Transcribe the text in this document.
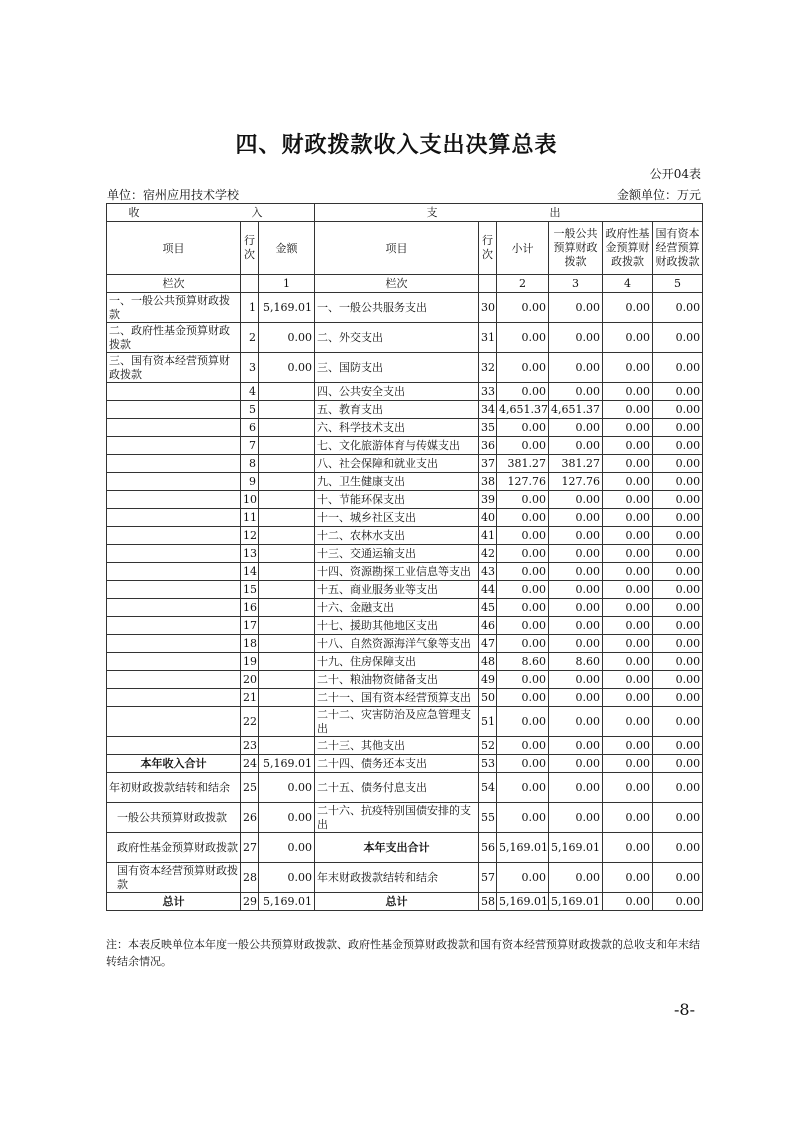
四、财政拨款收入支出决算总表
公开04表
单位：宿州应用技术学校	金额单位：万元
收　　入			支　　出					
项目	行次	金额	项目	行次	小计	一般公共预算财政拨款	政府性基金预算财政拨款	国有资本经营预算财政拨款
栏次		1	栏次		2	3	4	5
一、一般公共预算财政拨款	1	5,169.01	一、一般公共服务支出	30	0.00	0.00	0.00	0.00
二、政府性基金预算财政拨款	2	0.00	二、外交支出	31	0.00	0.00	0.00	0.00
三、国有资本经营预算财政拨款	3	0.00	三、国防支出	32	0.00	0.00	0.00	0.00
	4		四、公共安全支出	33	0.00	0.00	0.00	0.00
	5		五、教育支出	34	4,651.37	4,651.37	0.00	0.00
	6		六、科学技术支出	35	0.00	0.00	0.00	0.00
	7		七、文化旅游体育与传媒支出	36	0.00	0.00	0.00	0.00
	8		八、社会保障和就业支出	37	381.27	381.27	0.00	0.00
	9		九、卫生健康支出	38	127.76	127.76	0.00	0.00
	10		十、节能环保支出	39	0.00	0.00	0.00	0.00
	11		十一、城乡社区支出	40	0.00	0.00	0.00	0.00
	12		十二、农林水支出	41	0.00	0.00	0.00	0.00
	13		十三、交通运输支出	42	0.00	0.00	0.00	0.00
	14		十四、资源勘探工业信息等支出	43	0.00	0.00	0.00	0.00
	15		十五、商业服务业等支出	44	0.00	0.00	0.00	0.00
	16		十六、金融支出	45	0.00	0.00	0.00	0.00
	17		十七、援助其他地区支出	46	0.00	0.00	0.00	0.00
	18		十八、自然资源海洋气象等支出	47	0.00	0.00	0.00	0.00
	19		十九、住房保障支出	48	8.60	8.60	0.00	0.00
	20		二十、粮油物资储备支出	49	0.00	0.00	0.00	0.00
	21		二十一、国有资本经营预算支出	50	0.00	0.00	0.00	0.00
	22		二十二、灾害防治及应急管理支出	51	0.00	0.00	0.00	0.00
	23		二十三、其他支出	52	0.00	0.00	0.00	0.00
本年收入合计	24	5,169.01	二十四、债务还本支出	53	0.00	0.00	0.00	0.00
年初财政拨款结转和结余	25	0.00	二十五、债务付息支出	54	0.00	0.00	0.00	0.00
一般公共预算财政拨款	26	0.00	二十六、抗疫特别国债安排的支出	55	0.00	0.00	0.00	0.00
政府性基金预算财政拨款	27	0.00	本年支出合计	56	5,169.01	5,169.01	0.00	0.00
国有资本经营预算财政拨款	28	0.00	年末财政拨款结转和结余	57	0.00	0.00	0.00	0.00
总计	29	5,169.01	总计	58	5,169.01	5,169.01	0.00	0.00
注：本表反映单位本年度一般公共预算财政拨款、政府性基金预算财政拨款和国有资本经营预算财政拨款的总收支和年末结转结余情况。
-8-
